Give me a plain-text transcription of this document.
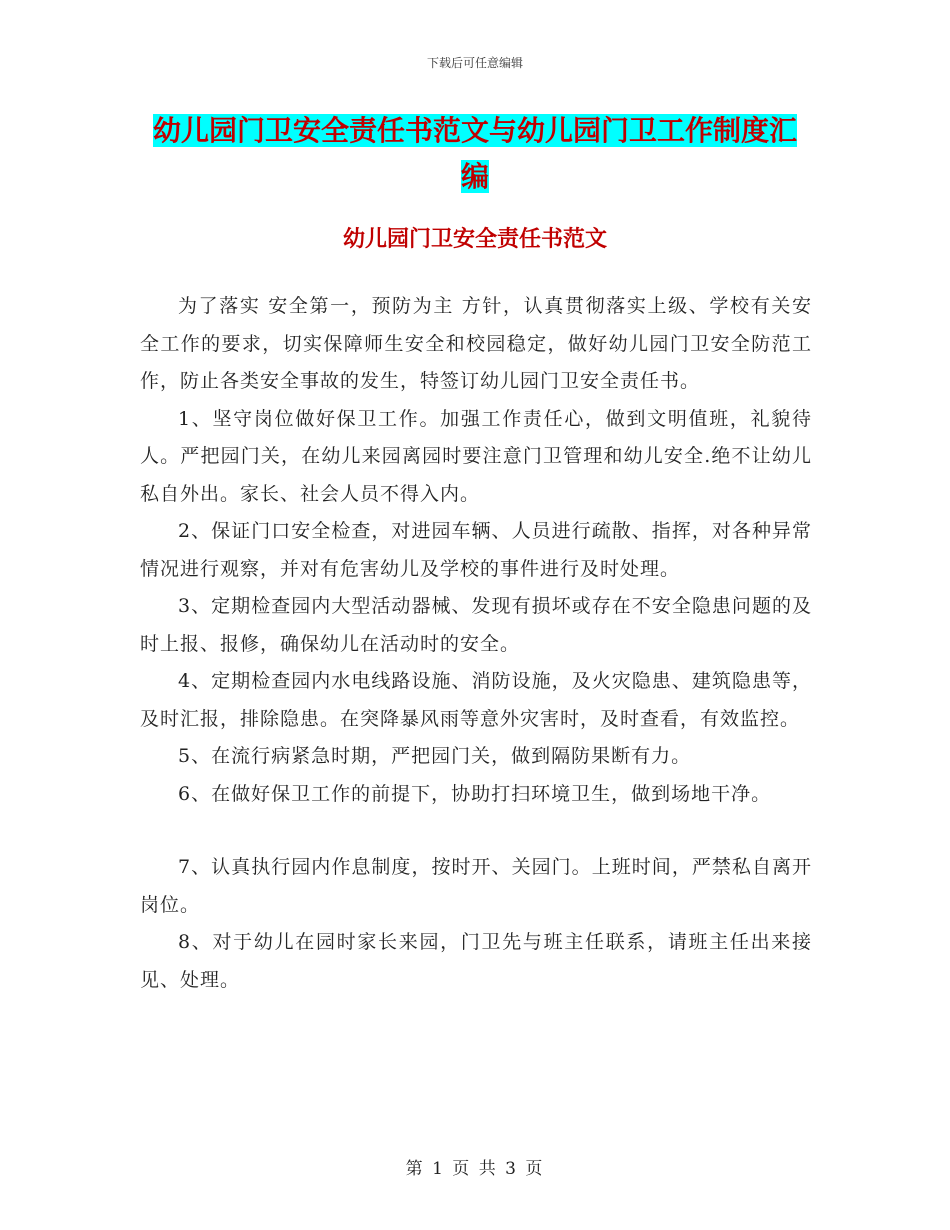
下载后可任意编辑
幼儿园门卫安全责任书范文与幼儿园门卫工作制度汇编
幼儿园门卫安全责任书范文

为了落实 安全第一，预防为主 方针，认真贯彻落实上级、学校有关安全工作的要求，切实保障师生安全和校园稳定，做好幼儿园门卫安全防范工作，防止各类安全事故的发生，特签订幼儿园门卫安全责任书。

1、坚守岗位做好保卫工作。加强工作责任心，做到文明值班，礼貌待人。严把园门关，在幼儿来园离园时要注意门卫管理和幼儿安全.绝不让幼儿私自外出。家长、社会人员不得入内。

2、保证门口安全检查，对进园车辆、人员进行疏散、指挥，对各种异常情况进行观察，并对有危害幼儿及学校的事件进行及时处理。

3、定期检查园内大型活动器械、发现有损坏或存在不安全隐患问题的及时上报、报修，确保幼儿在活动时的安全。

4、定期检查园内水电线路设施、消防设施，及火灾隐患、建筑隐患等，及时汇报，排除隐患。在突降暴风雨等意外灾害时，及时查看，有效监控。

5、在流行病紧急时期，严把园门关，做到隔防果断有力。

6、在做好保卫工作的前提下，协助打扫环境卫生，做到场地干净。

7、认真执行园内作息制度，按时开、关园门。上班时间，严禁私自离开岗位。

8、对于幼儿在园时家长来园，门卫先与班主任联系，请班主任出来接见、处理。

第 1 页 共 3 页
